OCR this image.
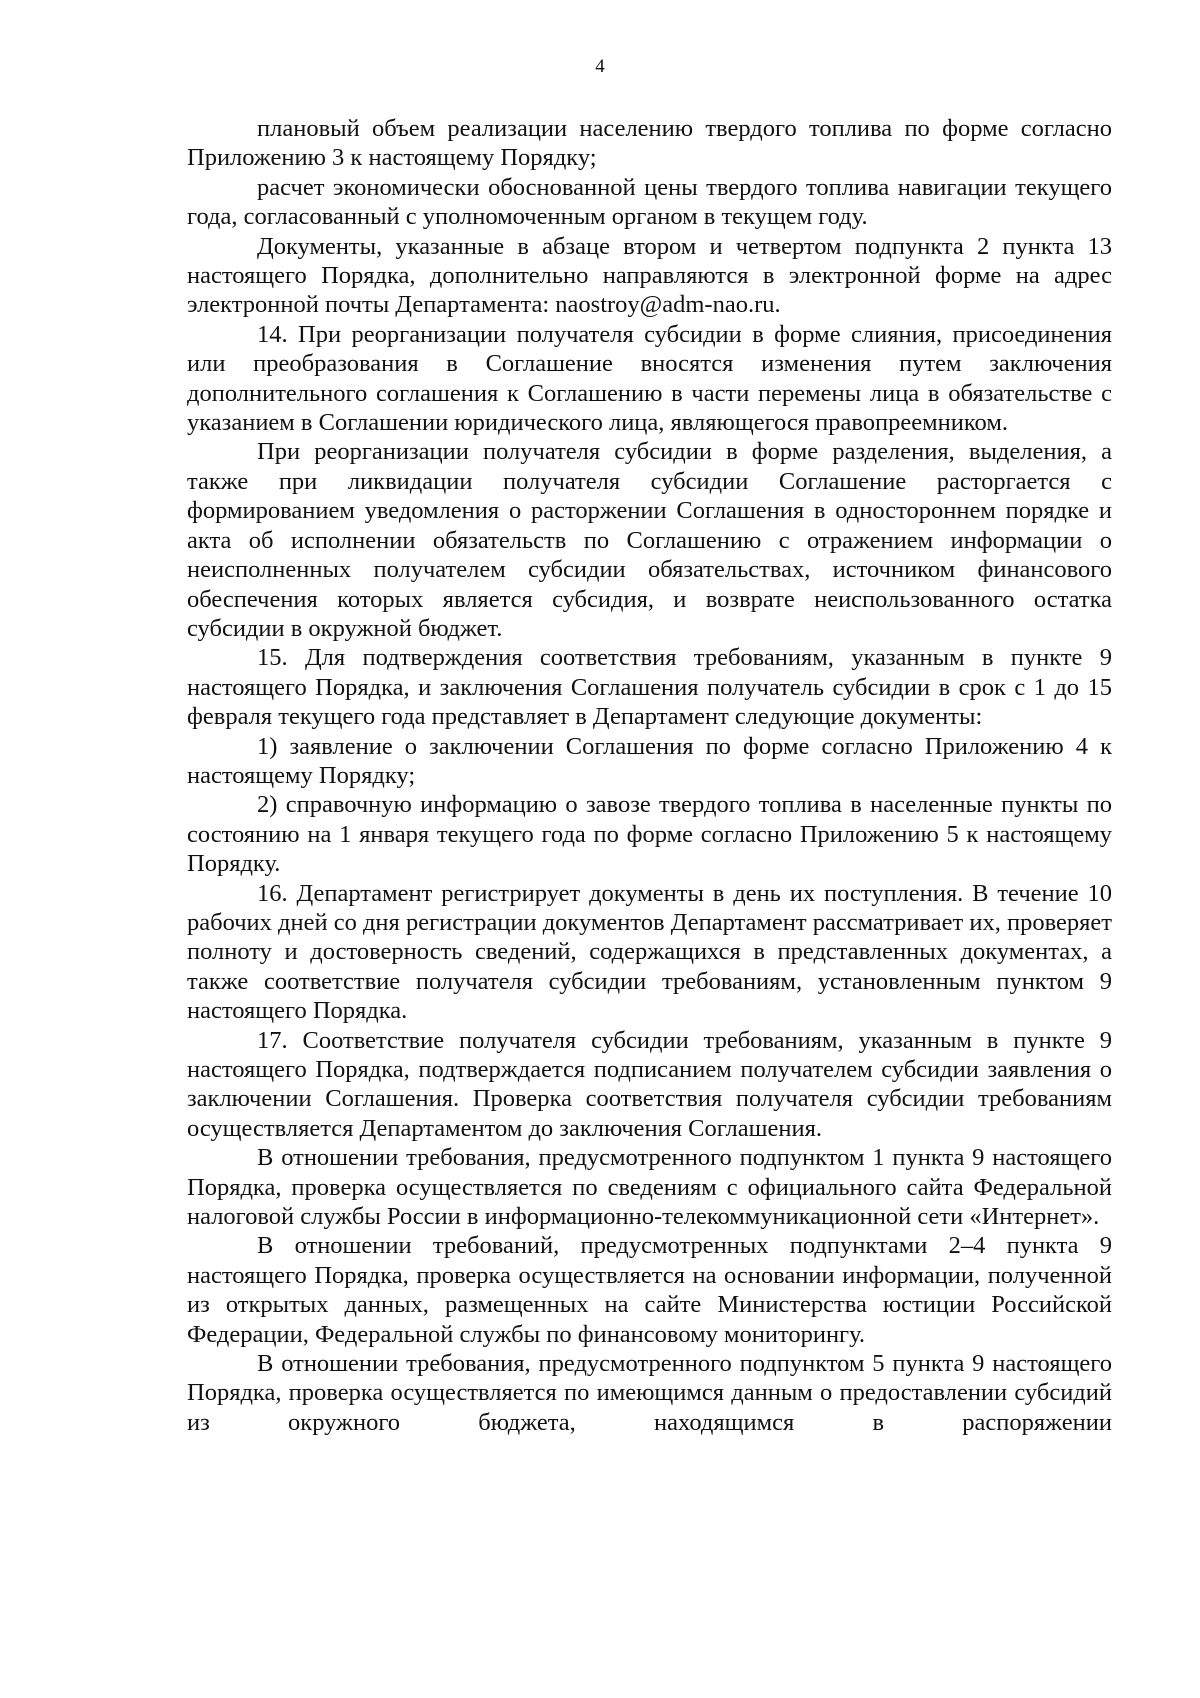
4

плановый объем реализации населению твердого топлива по форме согласно Приложению 3 к настоящему Порядку;

расчет экономически обоснованной цены твердого топлива навигации текущего года, согласованный с уполномоченным органом в текущем году.

Документы, указанные в абзаце втором и четвертом подпункта 2 пункта 13 настоящего Порядка, дополнительно направляются в электронной форме на адрес электронной почты Департамента: naostroy@adm-nao.ru.

14. При реорганизации получателя субсидии в форме слияния, присоединения или преобразования в Соглашение вносятся изменения путем заключения дополнительного соглашения к Соглашению в части перемены лица в обязательстве с указанием в Соглашении юридического лица, являющегося правопреемником.

При реорганизации получателя субсидии в форме разделения, выделения, а также при ликвидации получателя субсидии Соглашение расторгается с формированием уведомления о расторжении Соглашения в одностороннем порядке и акта об исполнении обязательств по Соглашению с отражением информации о неисполненных получателем субсидии обязательствах, источником финансового обеспечения которых является субсидия, и возврате неиспользованного остатка субсидии в окружной бюджет.

15. Для подтверждения соответствия требованиям, указанным в пункте 9 настоящего Порядка, и заключения Соглашения получатель субсидии в срок с 1 до 15 февраля текущего года представляет в Департамент следующие документы:

1) заявление о заключении Соглашения по форме согласно Приложению 4 к настоящему Порядку;

2) справочную информацию о завозе твердого топлива в населенные пункты по состоянию на 1 января текущего года по форме согласно Приложению 5 к настоящему Порядку.

16. Департамент регистрирует документы в день их поступления. В течение 10 рабочих дней со дня регистрации документов Департамент рассматривает их, проверяет полноту и достоверность сведений, содержащихся в представленных документах, а также соответствие получателя субсидии требованиям, установленным пунктом 9 настоящего Порядка.

17. Соответствие получателя субсидии требованиям, указанным в пункте 9 настоящего Порядка, подтверждается подписанием получателем субсидии заявления о заключении Соглашения. Проверка соответствия получателя субсидии требованиям осуществляется Департаментом до заключения Соглашения.

В отношении требования, предусмотренного подпунктом 1 пункта 9 настоящего Порядка, проверка осуществляется по сведениям с официального сайта Федеральной налоговой службы России в информационно-телекоммуникационной сети «Интернет».

В отношении требований, предусмотренных подпунктами 2–4 пункта 9 настоящего Порядка, проверка осуществляется на основании информации, полученной из открытых данных, размещенных на сайте Министерства юстиции Российской Федерации, Федеральной службы по финансовому мониторингу.

В отношении требования, предусмотренного подпунктом 5 пункта 9 настоящего Порядка, проверка осуществляется по имеющимся данным о предоставлении субсидий из окружного бюджета, находящимся в распоряжении
